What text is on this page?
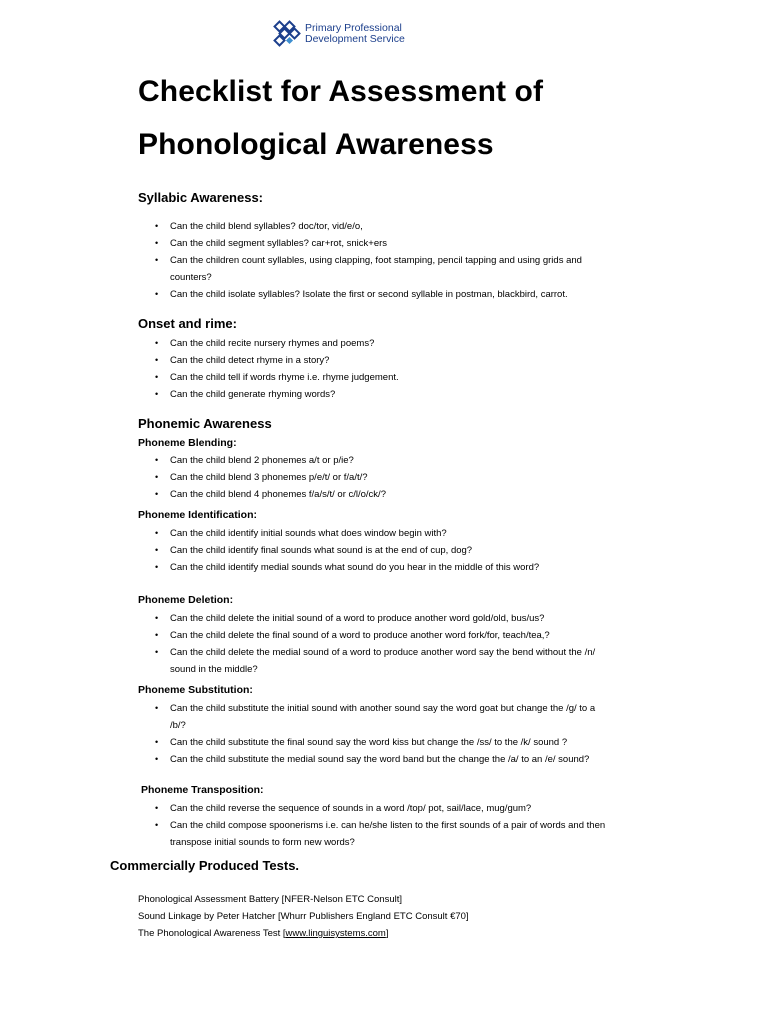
Primary Professional
Development Service
Checklist for Assessment of
Phonological Awareness
Syllabic Awareness:
• Can the child blend syllables? doc/tor, vid/e/o,
• Can the child segment syllables? car+rot, snick+ers
• Can the children count syllables, using clapping, foot stamping, pencil tapping and using grids and
counters?
• Can the child isolate syllables? Isolate the first or second syllable in postman, blackbird, carrot.
Onset and rime:
• Can the child recite nursery rhymes and poems?
• Can the child detect rhyme in a story?
• Can the child tell if words rhyme i.e. rhyme judgement.
• Can the child generate rhyming words?
Phonemic Awareness
Phoneme Blending:
• Can the child blend 2 phonemes a/t or p/ie?
• Can the child blend 3 phonemes p/e/t/ or f/a/t/?
• Can the child blend 4 phonemes f/a/s/t/ or c/l/o/ck/?
Phoneme Identification:
• Can the child identify initial sounds what does window begin with?
• Can the child identify final sounds what sound is at the end of cup, dog?
• Can the child identify medial sounds what sound do you hear in the middle of this word?
Phoneme Deletion:
• Can the child delete the initial sound of a word to produce another word gold/old, bus/us?
• Can the child delete the final sound of a word to produce another word fork/for, teach/tea,?
• Can the child delete the medial sound of a word to produce another word say the bend without the /n/
sound in the middle?
Phoneme Substitution:
• Can the child substitute the initial sound with another sound say the word goat but change the /g/ to a
/b/?
• Can the child substitute the final sound say the word kiss but change the /ss/ to the /k/ sound ?
• Can the child substitute the medial sound say the word band but the change the /a/ to an /e/ sound?
Phoneme Transposition:
• Can the child reverse the sequence of sounds in a word /top/ pot, sail/lace, mug/gum?
• Can the child compose spoonerisms i.e. can he/she listen to the first sounds of a pair of words and then
transpose initial sounds to form new words?
Commercially Produced Tests.

Phonological Assessment Battery [NFER-Nelson ETC Consult]

Sound Linkage by Peter Hatcher [Whurr Publishers England ETC Consult €70]

The Phonological Awareness Test [www.linguisystems.com]
